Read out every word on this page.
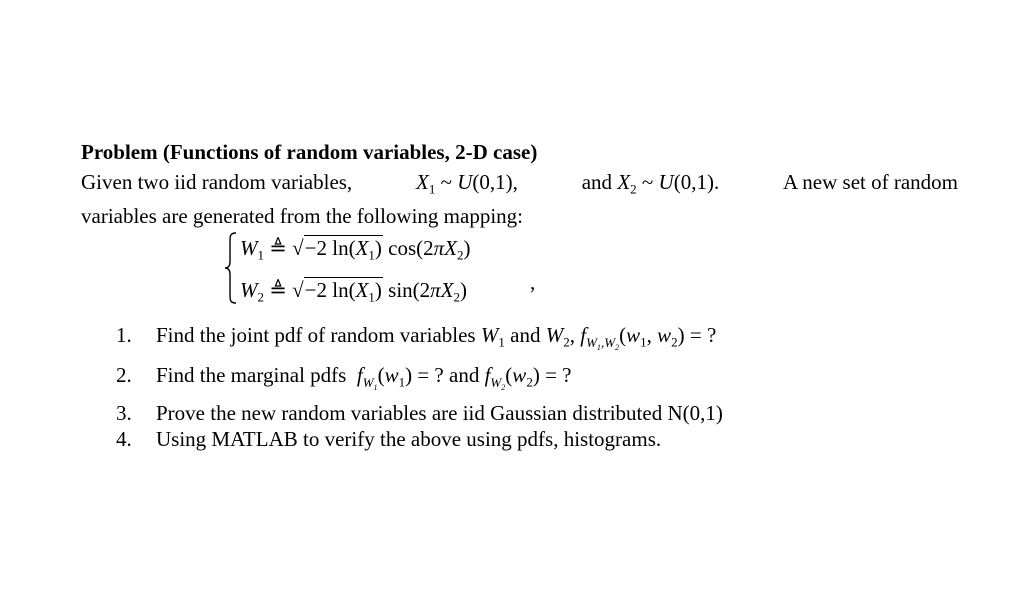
Problem (Functions of random variables, 2-D case)
Given two iid random variables,	$X_1$ ~ U(0,1),	and $X_2$ ~ U(0,1).	A new set of random
variables are generated from the following mapping:
$W_1$ ≜ √−2 $\ln(X_1)$ $\cos(2\pi X_2)$
$W_2$ ≜ √−2 $\ln(X_1)$ $\sin(2\pi X_2)$	,
1. Find the joint pdf of random variables $W_1$ and $W_2$, $f_{W_1,W_2}(w_1$, $w_2$) = ?
2. Find the marginal pdfs $f_{W_1}(w_1)$ = ? and $f_{W_2}(w_2)$ = ?
3. Prove the new random variables are iid Gaussian distributed N(0,1)
4. Using MATLAB to verify the above using pdfs, histograms.
